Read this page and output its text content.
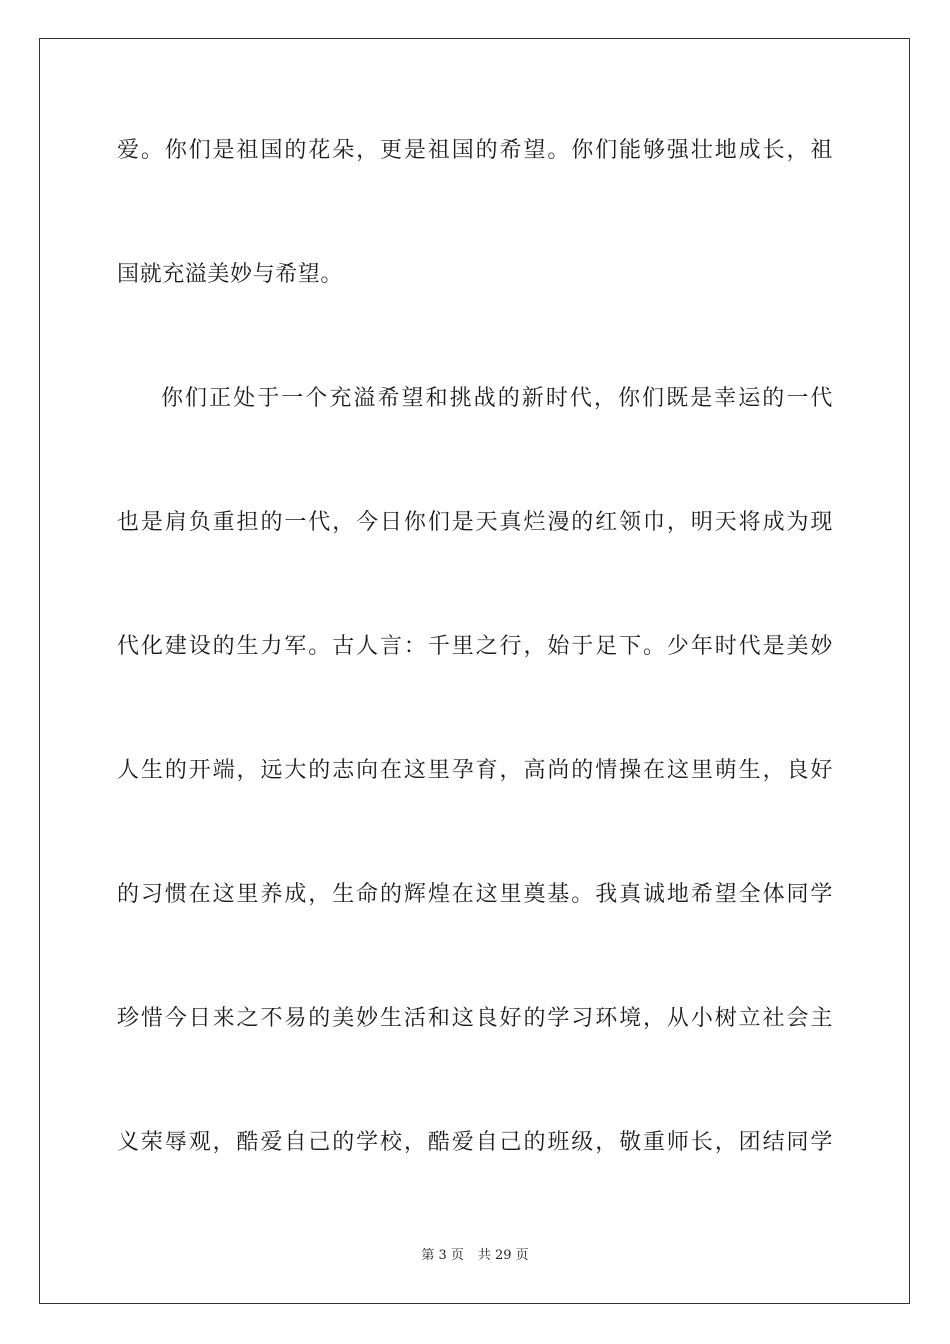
爱。你们是祖国的花朵，更是祖国的希望。你们能够强壮地成长，祖
国就充溢美妙与希望。
你们正处于一个充溢希望和挑战的新时代，你们既是幸运的一代
也是肩负重担的一代，今日你们是天真烂漫的红领巾，明天将成为现
代化建设的生力军。古人言：千里之行，始于足下。少年时代是美妙
人生的开端，远大的志向在这里孕育，高尚的情操在这里萌生，良好
的习惯在这里养成，生命的辉煌在这里奠基。我真诚地希望全体同学
珍惜今日来之不易的美妙生活和这良好的学习环境，从小树立社会主
义荣辱观，酷爱自己的学校，酷爱自己的班级，敬重师长，团结同学
第 3 页 共 29 页
